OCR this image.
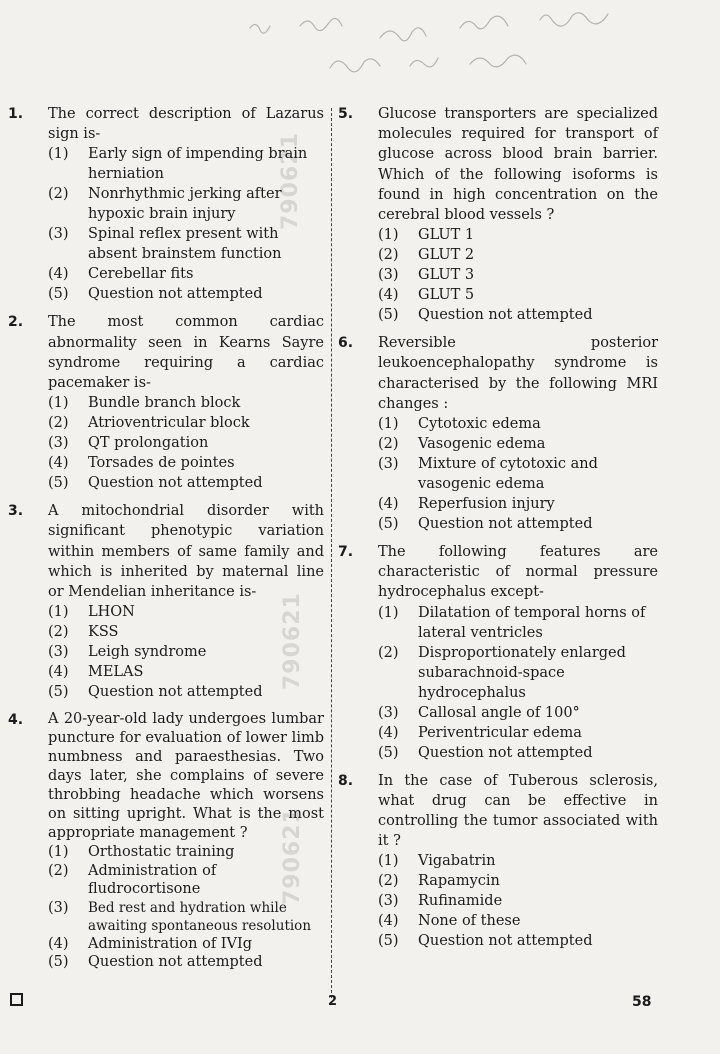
790621
790621
790621
1. The correct description of Lazarus sign is-

(1) Early sign of impending brain herniation
(2) Nonrhythmic jerking after hypoxic brain injury
(3) Spinal reflex present with absent brainstem function
(4) Cerebellar fits
(5) Question not attempted
2. The most common cardiac abnormality seen in Kearns Sayre syndrome requiring a cardiac pacemaker is-

(1) Bundle branch block
(2) Atrioventricular block
(3) QT prolongation
(4) Torsades de pointes
(5) Question not attempted
3. A mitochondrial disorder with significant phenotypic variation within members of same family and which is inherited by maternal line or Mendelian inheritance is-

(1) LHON
(2) KSS
(3) Leigh syndrome
(4) MELAS
(5) Question not attempted
4. A 20-year-old lady undergoes lumbar puncture for evaluation of lower limb numbness and paraesthesias. Two days later, she complains of severe throbbing headache which worsens on sitting upright. What is the most appropriate management ?

(1) Orthostatic training
(2) Administration of fludrocortisone
(3) Bed rest and hydration while awaiting spontaneous resolution
(4) Administration of IVIg
(5) Question not attempted
5. Glucose transporters are specialized molecules required for transport of glucose across blood brain barrier. Which of the following isoforms is found in high concentration on the cerebral blood vessels ?

(1) GLUT 1
(2) GLUT 2
(3) GLUT 3
(4) GLUT 5
(5) Question not attempted
6. Reversible posterior leukoencephalopathy syndrome is characterised by the following MRI changes :

(1) Cytotoxic edema
(2) Vasogenic edema
(3) Mixture of cytotoxic and vasogenic edema
(4) Reperfusion injury
(5) Question not attempted
7. The following features are characteristic of normal pressure hydrocephalus except-

(1) Dilatation of temporal horns of lateral ventricles
(2) Disproportionately enlarged subarachnoid-space hydrocephalus
(3) Callosal angle of 100°
(4) Periventricular edema
(5) Question not attempted
8. In the case of Tuberous sclerosis, what drug can be effective in controlling the tumor associated with it ?

(1) Vigabatrin
(2) Rapamycin
(3) Rufinamide
(4) None of these
(5) Question not attempted
2	58
